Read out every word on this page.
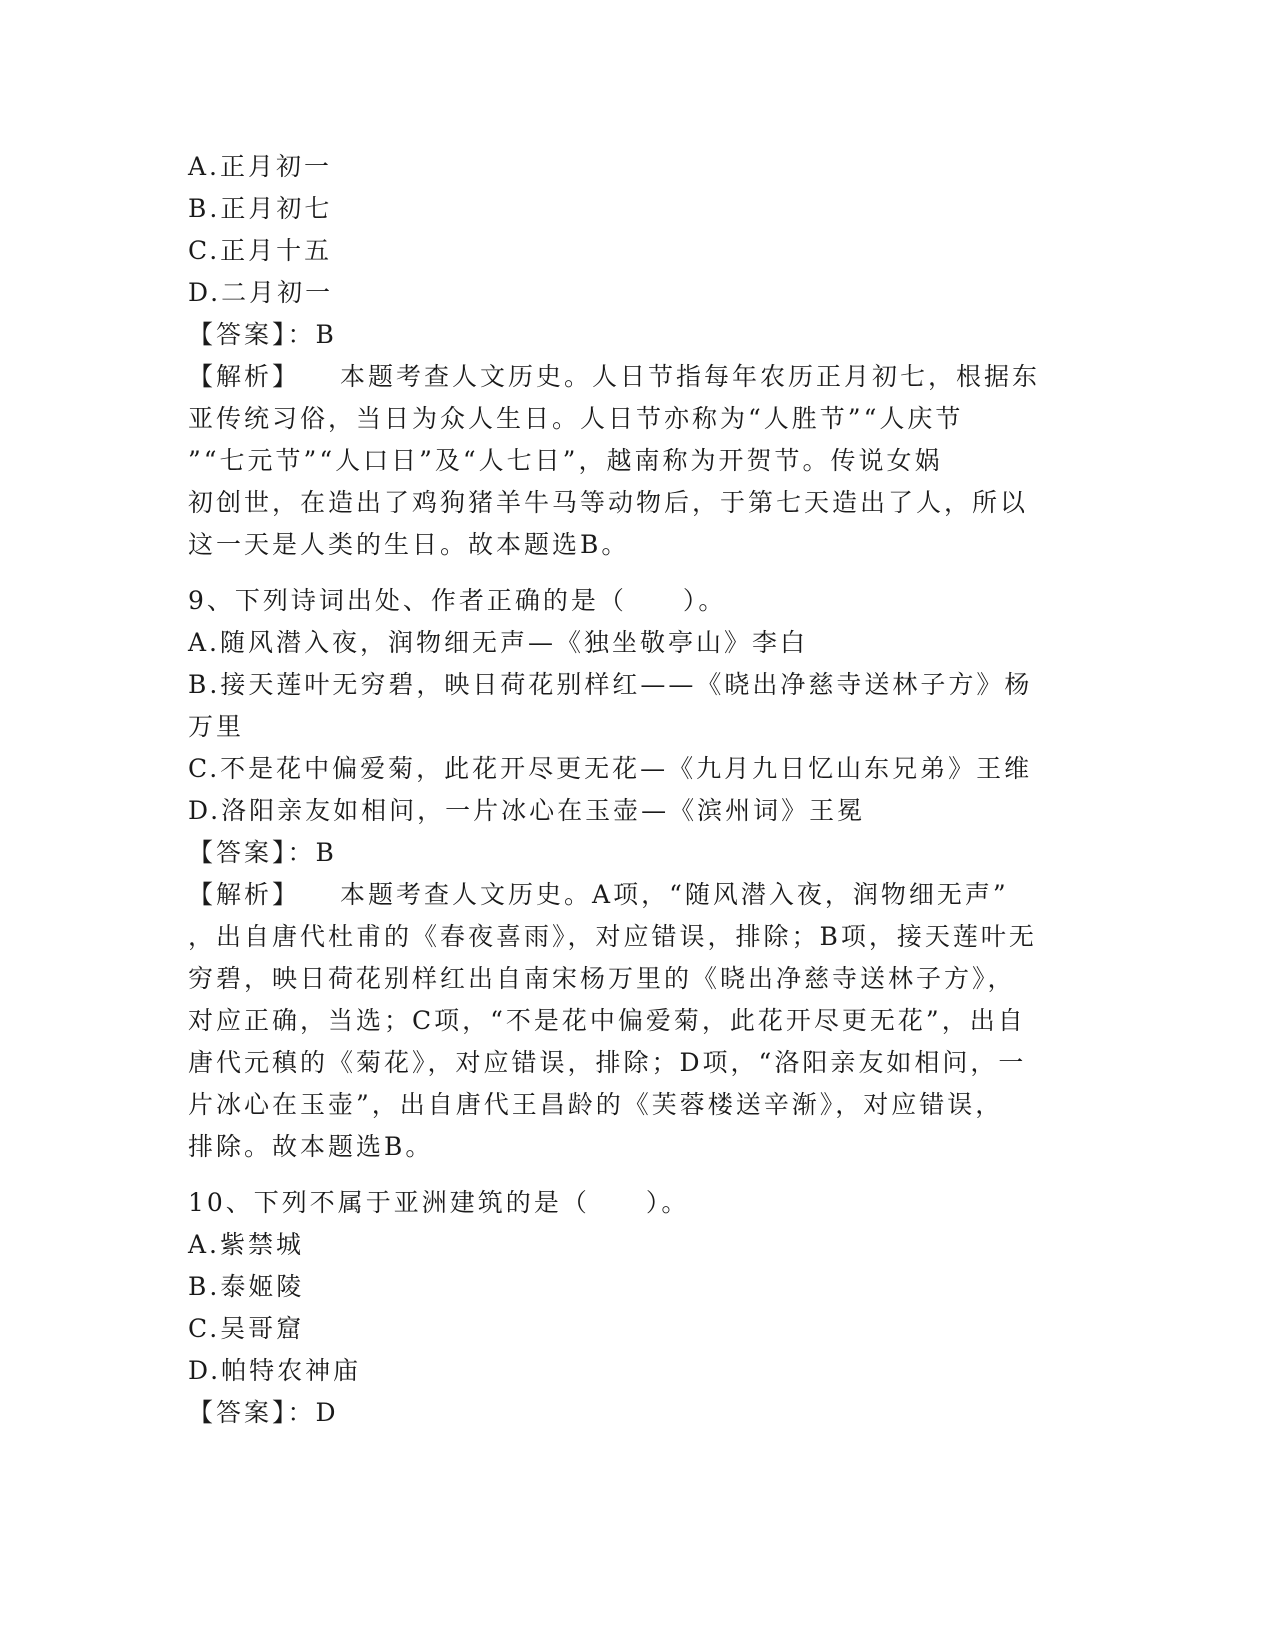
A.正月初一
B.正月初七
C.正月十五
D.二月初一
【答案】：B
【解析】 本题考查人文历史。人日节指每年农历正月初七，根据东
亚传统习俗，当日为众人生日。人日节亦称为“人胜节”“人庆节
”“七元节”“人口日”及“人七日”，越南称为开贺节。传说女娲
初创世，在造出了鸡狗猪羊牛马等动物后，于第七天造出了人，所以
这一天是人类的生日。故本题选B。
9、下列诗词出处、作者正确的是（　　）。
A.随风潜入夜，润物细无声—《独坐敬亭山》李白
B.接天莲叶无穷碧，映日荷花别样红——《晓出净慈寺送林子方》杨
万里
C.不是花中偏爱菊，此花开尽更无花—《九月九日忆山东兄弟》王维
D.洛阳亲友如相问，一片冰心在玉壶—《滨州词》王冕
【答案】：B
【解析】 本题考查人文历史。A项，“随风潜入夜，润物细无声”
，出自唐代杜甫的《春夜喜雨》，对应错误，排除；B项，接天莲叶无
穷碧，映日荷花别样红出自南宋杨万里的《晓出净慈寺送林子方》，
对应正确，当选；C项，“不是花中偏爱菊，此花开尽更无花”，出自
唐代元稹的《菊花》，对应错误，排除；D项，“洛阳亲友如相问，一
片冰心在玉壶”，出自唐代王昌龄的《芙蓉楼送辛渐》，对应错误，
排除。故本题选B。
10、下列不属于亚洲建筑的是（　　）。
A.紫禁城
B.泰姬陵
C.吴哥窟
D.帕特农神庙
【答案】：D
